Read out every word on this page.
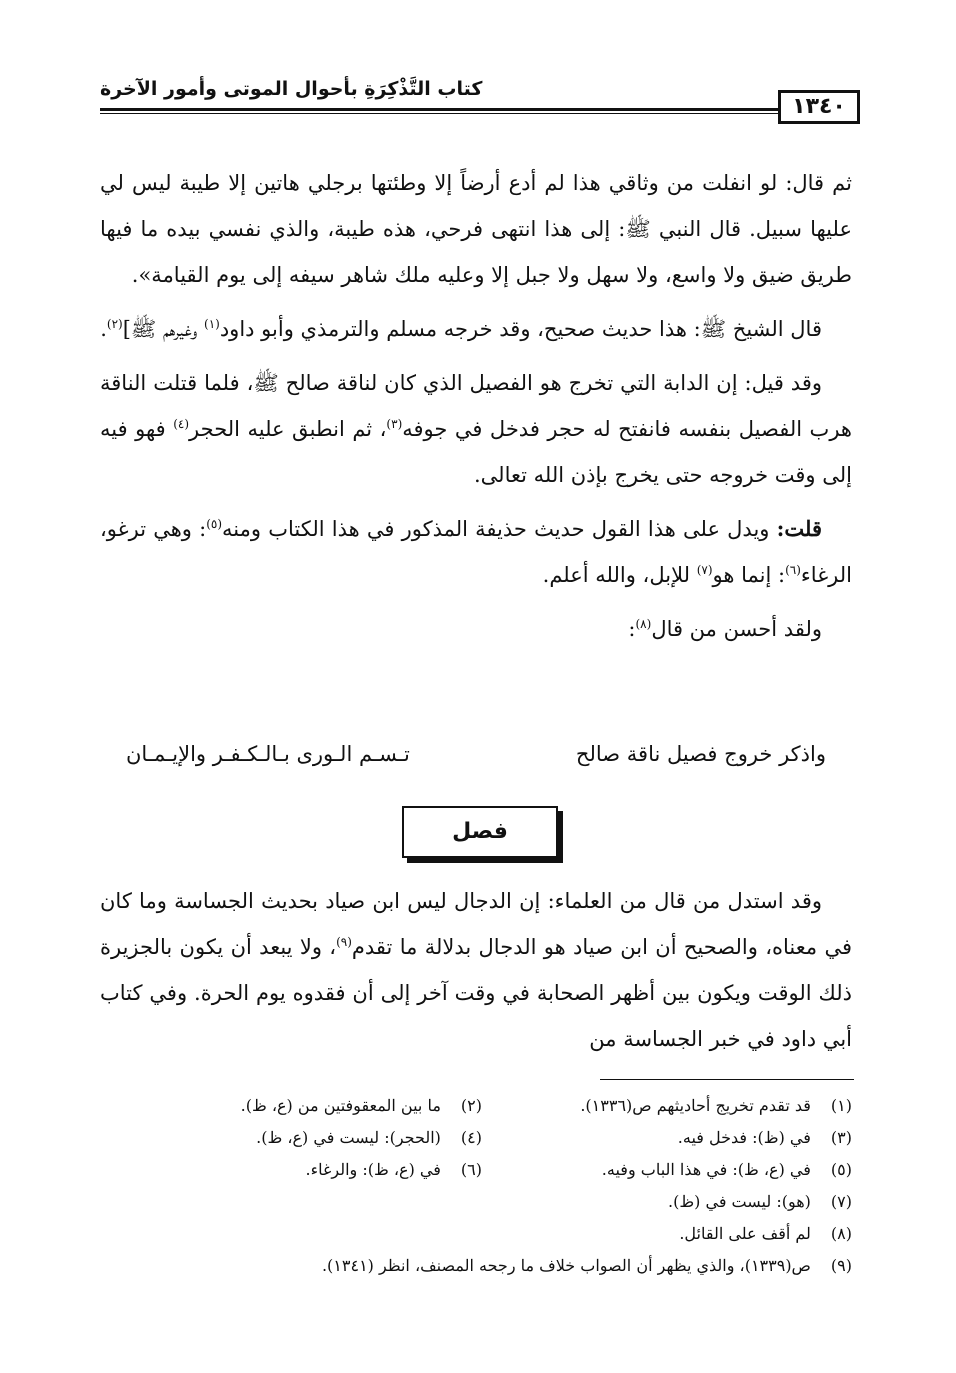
١٣٤٠
كتاب التَّذْكِرَةِ بأحوال الموتى وأمور الآخرة

ثم قال: لو انفلت من وثاقي هذا لم أدع أرضاً إلا وطئتها برجلي هاتين إلا طيبة ليس لي عليها سبيل. قال النبي ﷺ: إلى هذا انتهى فرحي، هذه طيبة، والذي نفسي بيده ما فيها طريق ضيق ولا واسع، ولا سهل ولا جبل إلا وعليه ملك شاهر سيفه إلى يوم القيامة».

قال الشيخ ﷺ: هذا حديث صحيح، وقد خرجه مسلم والترمذي وأبو داود$^{(١)}$ وغيرهم ﷺ]$^{(٢)}$.

وقد قيل: إن الدابة التي تخرج هو الفصيل الذي كان لناقة صالح ﷺ، فلما قتلت الناقة هرب الفصيل بنفسه فانفتح له حجر فدخل في جوفه$^{(٣)}$، ثم انطبق عليه الحجر$^{(٤)}$ فهو فيه إلى وقت خروجه حتى يخرج بإذن الله تعالى.

قلت: ويدل على هذا القول حديث حذيفة المذكور في هذا الكتاب ومنه$^{(٥)}$: وهي ترغو، الرغاء$^{(٦)}$: إنما هو$^{(٧)}$ للإبل، والله أعلم.

ولقد أحسن من قال$^{(٨)}$:

واذكر خروج فصيل ناقة صالح
تـسـم الـورى بـالـكـفـر والإيـمـان
فصل

وقد استدل من قال من العلماء: إن الدجال ليس ابن صياد بحديث الجساسة وما كان في معناه، والصحيح أن ابن صياد هو الدجال بدلالة ما تقدم$^{(٩)}$، ولا يبعد أن يكون بالجزيرة ذلك الوقت ويكون بين أظهر الصحابة في وقت آخر إلى أن فقدوه يوم الحرة. وفي كتاب أبي داود في خبر الجساسة من

(١) قد تقدم تخريج أحاديثهم ص(١٣٣٦).
(٢) ما بين المعقوفتين من (ع، ظ).
(٣) في (ظ): فدخل فيه.
(٤) (الحجر): ليست في (ع، ظ).
(٥) في (ع، ظ): في هذا الباب وفيه.
(٦) في (ع، ظ): والرغاء.
(٧) (هو): ليست في (ظ).
(٨) لم أقف على القائل.
(٩) ص(١٣٣٩)، والذي يظهر أن الصواب خلاف ما رجحه المصنف، انظر (١٣٤١).
